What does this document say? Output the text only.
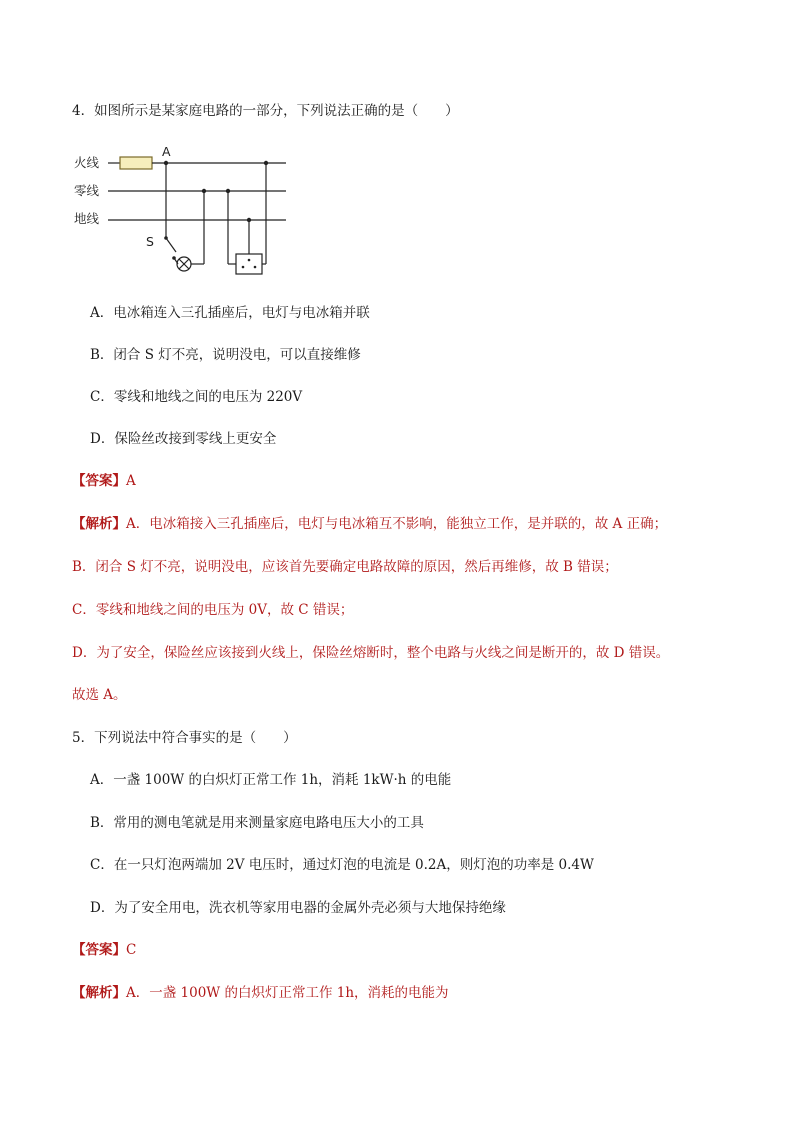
4．如图所示是某家庭电路的一部分，下列说法正确的是（　　）
火线
零线
地线
A
S
A．电冰箱连入三孔插座后，电灯与电冰箱并联
B．闭合 S 灯不亮，说明没电，可以直接维修
C．零线和地线之间的电压为 220V
D．保险丝改接到零线上更安全
【答案】A
【解析】A．电冰箱接入三孔插座后，电灯与电冰箱互不影响，能独立工作，是并联的，故 A 正确；
B．闭合 S 灯不亮，说明没电，应该首先要确定电路故障的原因，然后再维修，故 B 错误；
C．零线和地线之间的电压为 0V，故 C 错误；
D．为了安全，保险丝应该接到火线上，保险丝熔断时，整个电路与火线之间是断开的，故 D 错误。
故选 A。
5．下列说法中符合事实的是（　　）
A．一盏 100W 的白炽灯正常工作 1h，消耗 1kW·h 的电能
B．常用的测电笔就是用来测量家庭电路电压大小的工具
C．在一只灯泡两端加 2V 电压时，通过灯泡的电流是 0.2A，则灯泡的功率是 0.4W
D．为了安全用电，洗衣机等家用电器的金属外壳必须与大地保持绝缘
【答案】C
【解析】A．一盏 100W 的白炽灯正常工作 1h，消耗的电能为
